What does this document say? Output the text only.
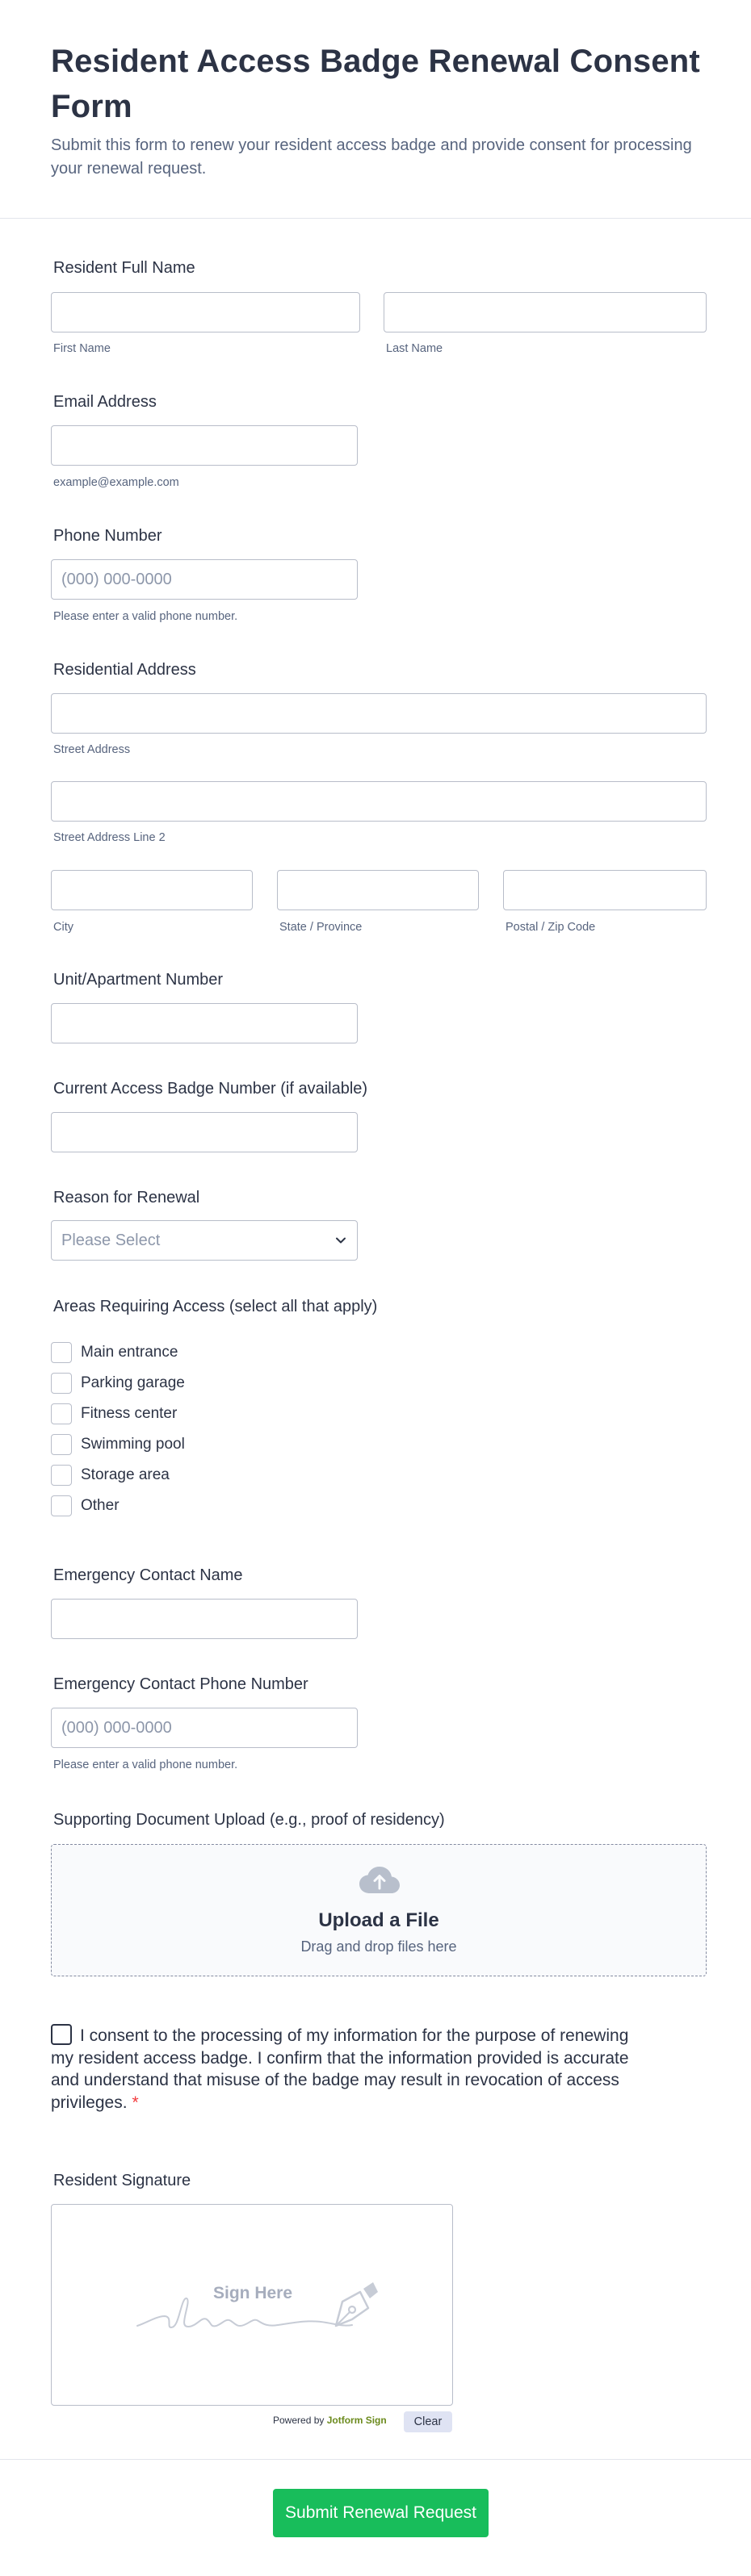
Resident Access Badge Renewal Consent Form

Submit this form to renew your resident access badge and provide consent for processing your renewal request.

Resident Full Name
First Name	Last Name
Email Address
example@example.com
Phone Number
(000) 000-0000
Please enter a valid phone number.
Residential Address
Street Address
Street Address Line 2
City	State / Province	Postal / Zip Code
Unit/Apartment Number
Current Access Badge Number (if available)
Reason for Renewal
Please Select
Areas Requiring Access (select all that apply)
Main entrance
Parking garage
Fitness center
Swimming pool
Storage area
Other
Emergency Contact Name
Emergency Contact Phone Number
(000) 000-0000
Please enter a valid phone number.
Supporting Document Upload (e.g., proof of residency)
Upload a File
Drag and drop files here
I consent to the processing of my information for the purpose of renewing my resident access badge. I confirm that the information provided is accurate and understand that misuse of the badge may result in revocation of access privileges. *
Resident Signature
Sign Here
Powered by Jotform Sign	Clear
Submit Renewal Request
